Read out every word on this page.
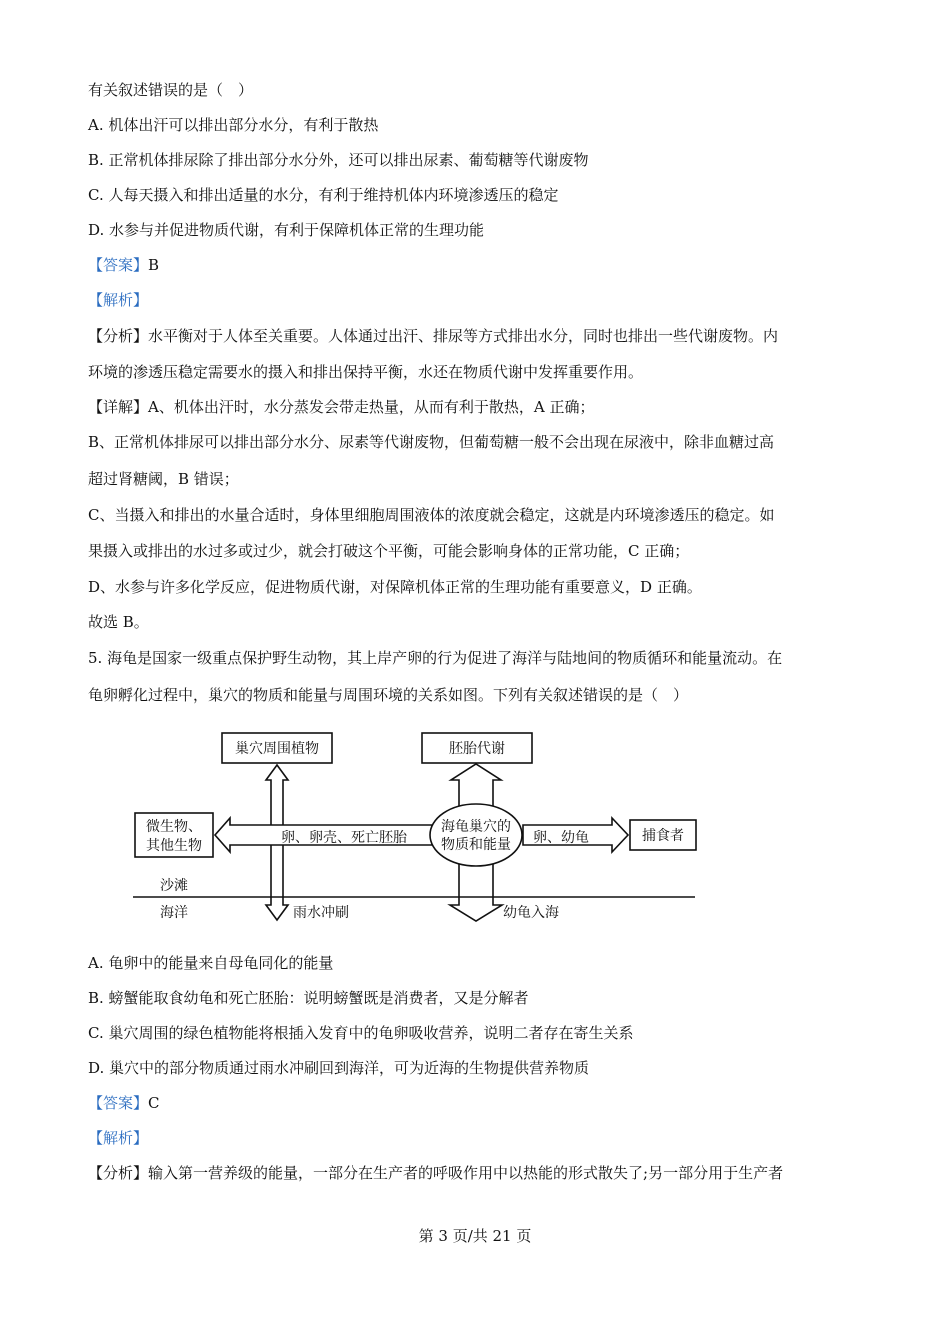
有关叙述错误的是（　）
A. 机体出汗可以排出部分水分，有利于散热
B. 正常机体排尿除了排出部分水分外，还可以排出尿素、葡萄糖等代谢废物
C. 人每天摄入和排出适量的水分，有利于维持机体内环境渗透压的稳定
D. 水参与并促进物质代谢，有利于保障机体正常的生理功能
【答案】B
【解析】
【分析】水平衡对于人体至关重要。人体通过出汗、排尿等方式排出水分，同时也排出一些代谢废物。内
环境的渗透压稳定需要水的摄入和排出保持平衡，水还在物质代谢中发挥重要作用。
【详解】A、机体出汗时，水分蒸发会带走热量，从而有利于散热，A 正确；
B、正常机体排尿可以排出部分水分、尿素等代谢废物，但葡萄糖一般不会出现在尿液中，除非血糖过高
超过肾糖阈，B 错误；
C、当摄入和排出的水量合适时，身体里细胞周围液体的浓度就会稳定，这就是内环境渗透压的稳定。如
果摄入或排出的水过多或过少，就会打破这个平衡，可能会影响身体的正常功能，C 正确；
D、水参与许多化学反应，促进物质代谢，对保障机体正常的生理功能有重要意义，D 正确。
故选 B。
5. 海龟是国家一级重点保护野生动物，其上岸产卵的行为促进了海洋与陆地间的物质循环和能量流动。在
龟卵孵化过程中，巢穴的物质和能量与周围环境的关系如图。下列有关叙述错误的是（　）
巢穴周围植物	胚胎代谢
微生物、
其他生物
捕食者
卵、卵壳、死亡胚胎	卵、幼龟
海龟巢穴的
物质和能量
沙滩
海洋	雨水冲刷	幼龟入海
A. 龟卵中的能量来自母龟同化的能量
B. 螃蟹能取食幼龟和死亡胚胎：说明螃蟹既是消费者，又是分解者
C. 巢穴周围的绿色植物能将根插入发育中的龟卵吸收营养，说明二者存在寄生关系
D. 巢穴中的部分物质通过雨水冲刷回到海洋，可为近海的生物提供营养物质
【答案】C
【解析】
【分析】输入第一营养级的能量，一部分在生产者的呼吸作用中以热能的形式散失了;另一部分用于生产者
第 3 页/共 21 页
